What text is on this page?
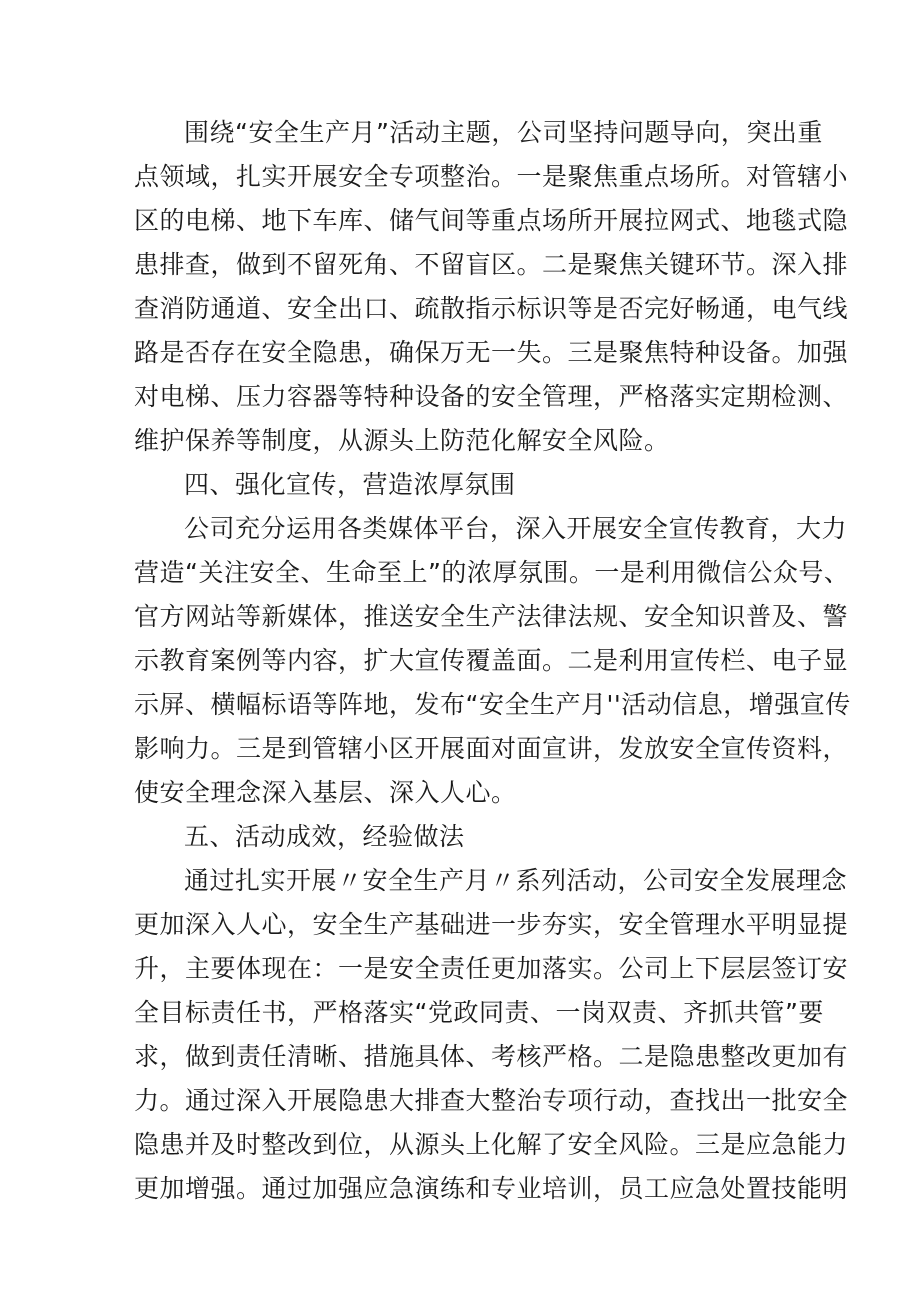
围绕“安全生产月”活动主题，公司坚持问题导向，突出重
点领域，扎实开展安全专项整治。一是聚焦重点场所。对管辖小
区的电梯、地下车库、储气间等重点场所开展拉网式、地毯式隐
患排查，做到不留死角、不留盲区。二是聚焦关键环节。深入排
查消防通道、安全出口、疏散指示标识等是否完好畅通，电气线
路是否存在安全隐患，确保万无一失。三是聚焦特种设备。加强
对电梯、压力容器等特种设备的安全管理，严格落实定期检测、
维护保养等制度，从源头上防范化解安全风险。
四、强化宣传，营造浓厚氛围
公司充分运用各类媒体平台，深入开展安全宣传教育，大力
营造“关注安全、生命至上”的浓厚氛围。一是利用微信公众号、
官方网站等新媒体，推送安全生产法律法规、安全知识普及、警
示教育案例等内容，扩大宣传覆盖面。二是利用宣传栏、电子显
示屏、横幅标语等阵地，发布“安全生产月''活动信息，增强宣传
影响力。三是到管辖小区开展面对面宣讲，发放安全宣传资料，
使安全理念深入基层、深入人心。
五、活动成效，经验做法
通过扎实开展〃安全生产月〃系列活动，公司安全发展理念
更加深入人心，安全生产基础进一步夯实，安全管理水平明显提
升，主要体现在：一是安全责任更加落实。公司上下层层签订安
全目标责任书，严格落实“党政同责、一岗双责、齐抓共管”要
求，做到责任清晰、措施具体、考核严格。二是隐患整改更加有
力。通过深入开展隐患大排查大整治专项行动，查找出一批安全
隐患并及时整改到位，从源头上化解了安全风险。三是应急能力
更加增强。通过加强应急演练和专业培训，员工应急处置技能明
